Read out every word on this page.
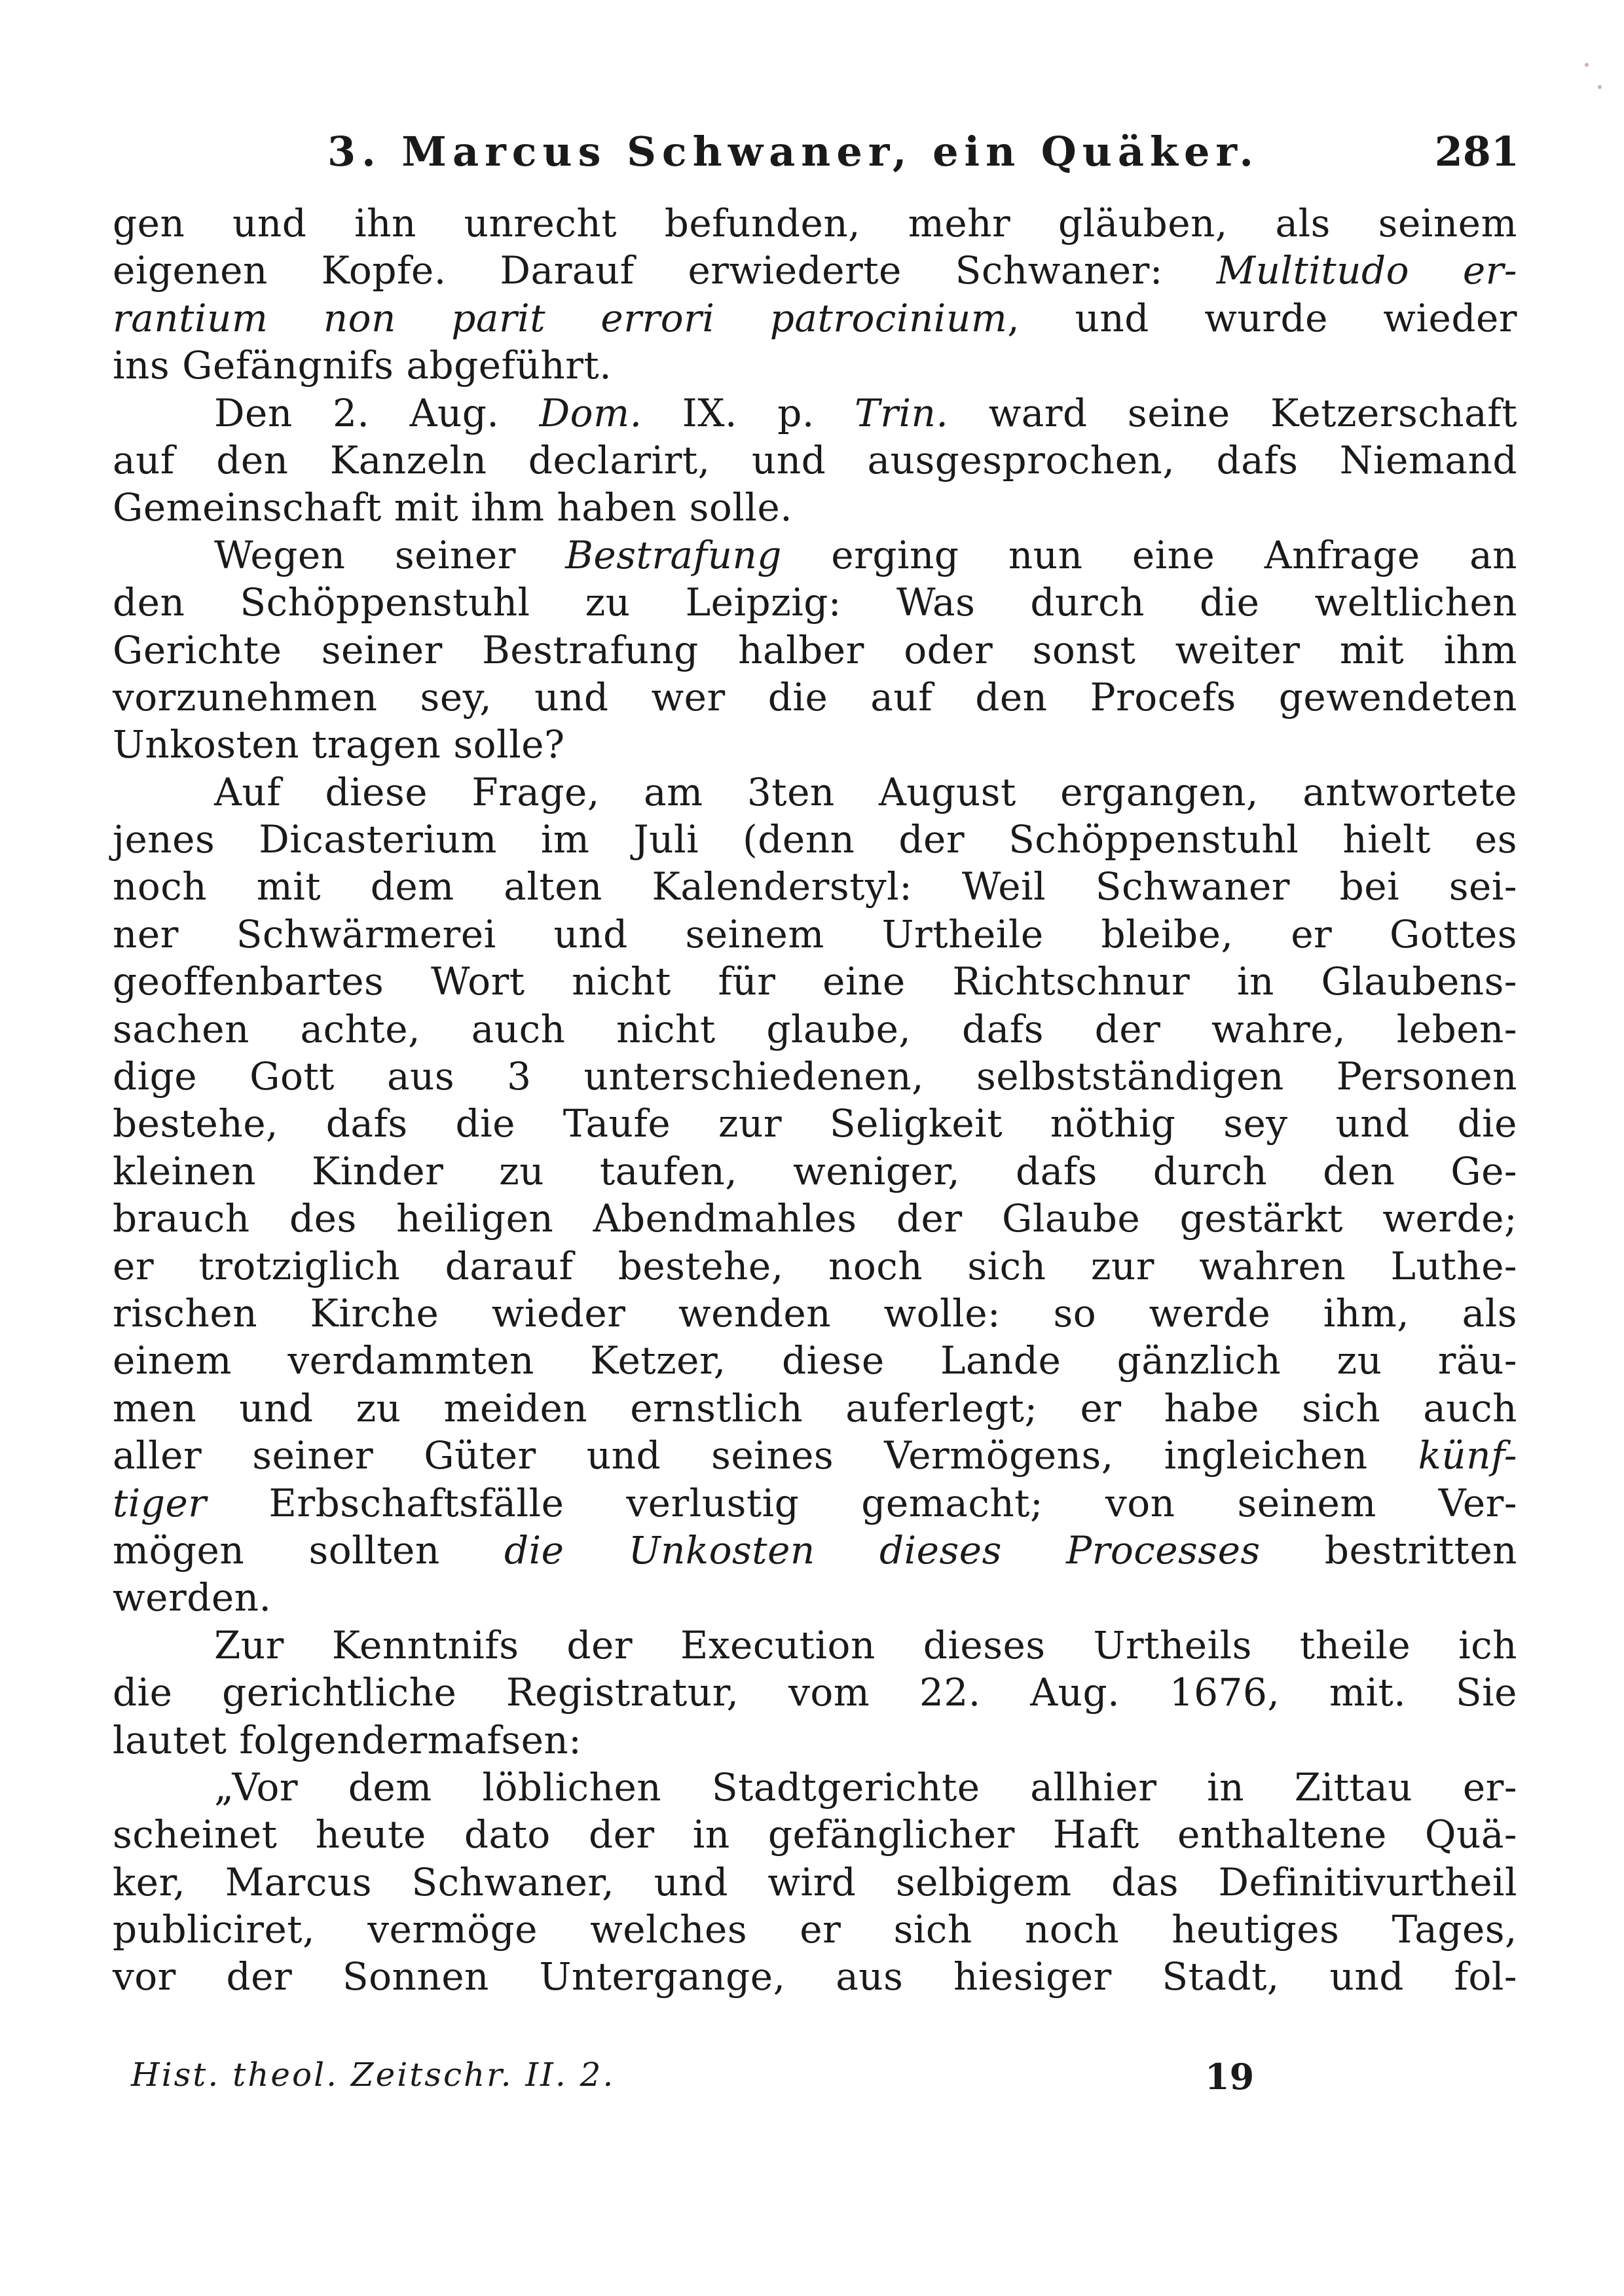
3. Marcus Schwaner, ein Quäker.	281
gen und ihn unrecht befunden, mehr gläuben, als seinem
eigenen Kopfe. Darauf erwiederte Schwaner: Multitudo er-
rantium non parit errori patrocinium, und wurde wieder
ins Gefängnifs abgeführt.
Den 2. Aug. Dom. IX. p. Trin. ward seine Ketzerschaft
auf den Kanzeln declarirt, und ausgesprochen, dafs Niemand
Gemeinschaft mit ihm haben solle.
Wegen seiner Bestrafung erging nun eine Anfrage an
den Schöppenstuhl zu Leipzig: Was durch die weltlichen
Gerichte seiner Bestrafung halber oder sonst weiter mit ihm
vorzunehmen sey, und wer die auf den Procefs gewendeten
Unkosten tragen solle?
Auf diese Frage, am 3ten August ergangen, antwortete
jenes Dicasterium im Juli (denn der Schöppenstuhl hielt es
noch mit dem alten Kalenderstyl: Weil Schwaner bei sei-
ner Schwärmerei und seinem Urtheile bleibe, er Gottes
geoffenbartes Wort nicht für eine Richtschnur in Glaubens-
sachen achte, auch nicht glaube, dafs der wahre, leben-
dige Gott aus 3 unterschiedenen, selbstständigen Personen
bestehe, dafs die Taufe zur Seligkeit nöthig sey und die
kleinen Kinder zu taufen, weniger, dafs durch den Ge-
brauch des heiligen Abendmahles der Glaube gestärkt werde;
er trotziglich darauf bestehe, noch sich zur wahren Luthe-
rischen Kirche wieder wenden wolle: so werde ihm, als
einem verdammten Ketzer, diese Lande gänzlich zu räu-
men und zu meiden ernstlich auferlegt; er habe sich auch
aller seiner Güter und seines Vermögens, ingleichen künf-
tiger Erbschaftsfälle verlustig gemacht; von seinem Ver-
mögen sollten die Unkosten dieses Processes bestritten
werden.
Zur Kenntnifs der Execution dieses Urtheils theile ich
die gerichtliche Registratur, vom 22. Aug. 1676, mit. Sie
lautet folgendermafsen:
„Vor dem löblichen Stadtgerichte allhier in Zittau er-
scheinet heute dato der in gefänglicher Haft enthaltene Quä-
ker, Marcus Schwaner, und wird selbigem das Definitivurtheil
publiciret, vermöge welches er sich noch heutiges Tages,
vor der Sonnen Untergange, aus hiesiger Stadt, und fol-
Hist. theol. Zeitschr. II. 2.	19
